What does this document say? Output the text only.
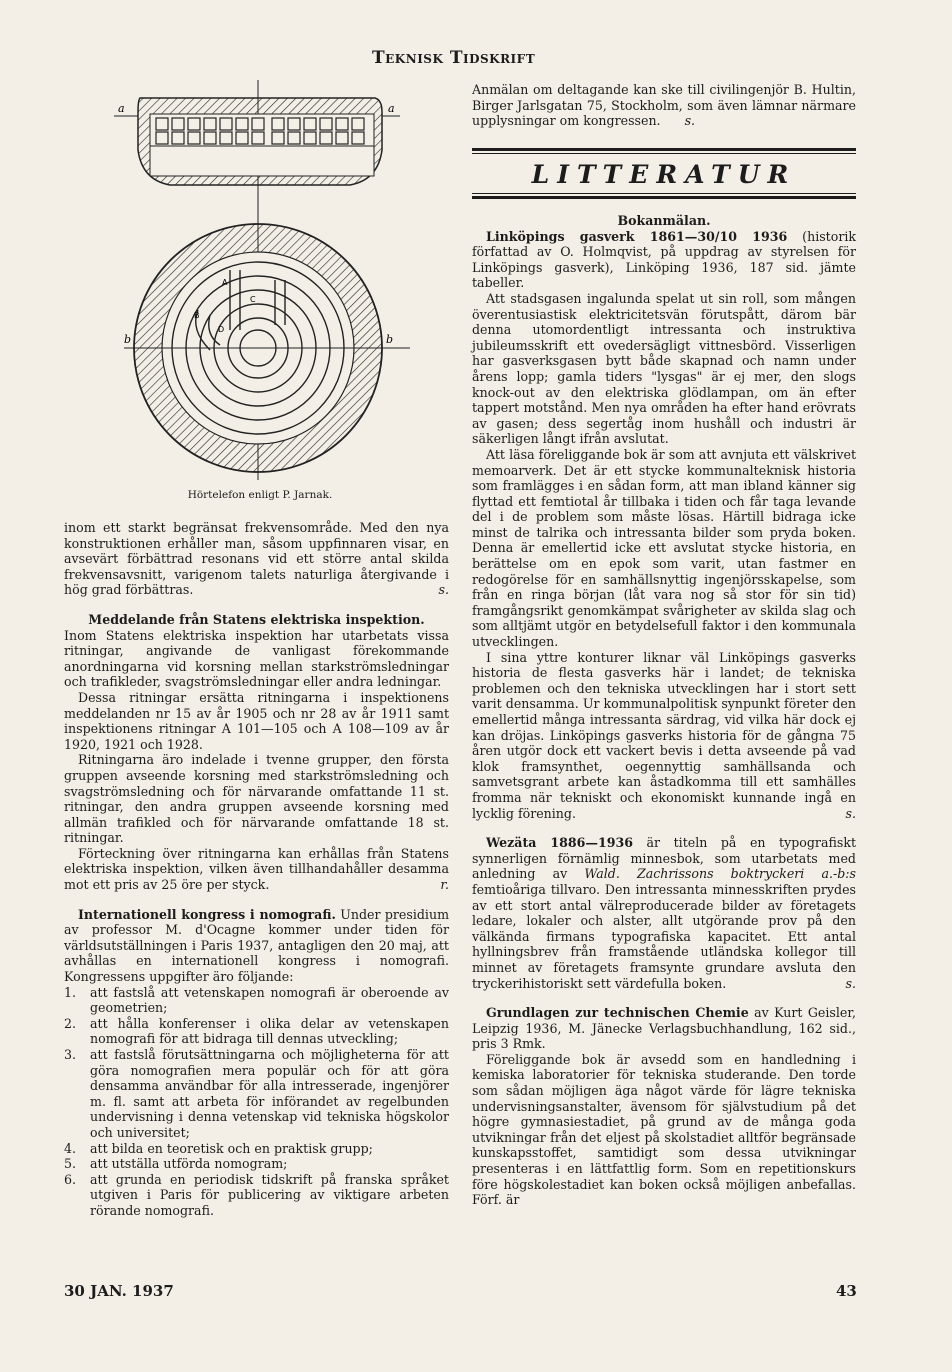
Teknisk Tidskrift
a	a
b	b
A
B
C
D
Hörtelefon enligt P. Jarnak.

inom ett starkt begränsat frekvensområde. Med den nya konstruktionen erhåller man, såsom uppfinnaren visar, en avsevärt förbättrad resonans vid ett större antal skilda frekvensavsnitt, varigenom talets naturliga återgivande i hög grad förbättras.	s.

Meddelande från Statens elektriska inspektion.
Inom Statens elektriska inspektion har utarbetats vissa ritningar, angivande de vanligast förekommande anordningarna vid korsning mellan starkströmsledningar och trafikleder, svagströmsledningar eller andra ledningar.

Dessa ritningar ersätta ritningarna i inspektionens meddelanden nr 15 av år 1905 och nr 28 av år 1911 samt inspektionens ritningar A 101—105 och A 108—109 av år 1920, 1921 och 1928.

Ritningarna äro indelade i tvenne grupper, den första gruppen avseende korsning med starkströmsledning och svagströmsledning och för närvarande omfattande 11 st. ritningar, den andra gruppen avseende korsning med allmän trafikled och för närvarande omfattande 18 st. ritningar.

Förteckning över ritningarna kan erhållas från Statens elektriska inspektion, vilken även tillhandahåller desamma mot ett pris av 25 öre per styck.	r.

Internationell kongress i nomografi. Under presidium av professor M. d'Ocagne kommer under tiden för världsutställningen i Paris 1937, antagligen den 20 maj, att avhållas en internationell kongress i nomografi. Kongressens uppgifter äro följande:

1. att fastslå att vetenskapen nomografi är oberoende av geometrien;
2. att hålla konferenser i olika delar av vetenskapen nomografi för att bidraga till dennas utveckling;
3. att fastslå förutsättningarna och möjligheterna för att göra nomografien mera populär och för att göra densamma användbar för alla intresserade, ingenjörer m. fl. samt att arbeta för införandet av regelbunden undervisning i denna vetenskap vid tekniska högskolor och universitet;
4. att bilda en teoretisk och en praktisk grupp;
5. att utställa utförda nomogram;
6. att grunda en periodisk tidskrift på franska språket utgiven i Paris för publicering av viktigare arbeten rörande nomografi.
Anmälan om deltagande kan ske till civilingenjör B. Hultin, Birger Jarlsgatan 75, Stockholm, som även lämnar närmare upplysningar om kongressen. s.
LITTERATUR

Bokanmälan.

Linköpings gasverk 1861—30/10 1936 (historik författad av O. Holmqvist, på uppdrag av styrelsen för Linköpings gasverk), Linköping 1936, 187 sid. jämte tabeller.

Att stadsgasen ingalunda spelat ut sin roll, som mången överentusiastisk elektricitetsvän förutspått, därom bär denna utomordentligt intressanta och instruktiva jubileumsskrift ett ovedersägligt vittnesbörd. Visserligen har gasverksgasen bytt både skapnad och namn under årens lopp; gamla tiders "lysgas" är ej mer, den slogs knock-out av den elektriska glödlampan, om än efter tappert motstånd. Men nya områden ha efter hand erövrats av gasen; dess segertåg inom hushåll och industri är säkerligen långt ifrån avslutat.

Att läsa föreliggande bok är som att avnjuta ett välskrivet memoarverk. Det är ett stycke kommunalteknisk historia som framlägges i en sådan form, att man ibland känner sig flyttad ett femtiotal år tillbaka i tiden och får taga levande del i de problem som måste lösas. Härtill bidraga icke minst de talrika och intressanta bilder som pryda boken. Denna är emellertid icke ett avslutat stycke historia, en berättelse om en epok som varit, utan fastmer en redogörelse för en samhällsnyttig ingenjörsskapelse, som från en ringa början (låt vara nog så stor för sin tid) framgångsrikt genomkämpat svårigheter av skilda slag och som alltjämt utgör en betydelsefull faktor i den kommunala utvecklingen.

I sina yttre konturer liknar väl Linköpings gasverks historia de flesta gasverks här i landet; de tekniska problemen och den tekniska utvecklingen har i stort sett varit densamma. Ur kommunalpolitisk synpunkt företer den emellertid många intressanta särdrag, vid vilka här dock ej kan dröjas. Linköpings gasverks historia för de gångna 75 åren utgör dock ett vackert bevis i detta avseende på vad klok framsynthet, oegennyttig samhällsanda och samvetsgrant arbete kan åstadkomma till ett samhälles fromma när tekniskt och ekonomiskt kunnande ingå en lycklig förening.	s.

Wezäta 1886—1936 är titeln på en typografiskt synnerligen förnämlig minnesbok, som utarbetats med anledning av Wald. Zachrissons boktryckeri a.-b:s femtioåriga tillvaro. Den intressanta minnesskriften prydes av ett stort antal välreproducerade bilder av företagets ledare, lokaler och alster, allt utgörande prov på den välkända firmans typografiska kapacitet. Ett antal hyllningsbrev från framstående utländska kollegor till minnet av företagets framsynte grundare avsluta den tryckerihistoriskt sett värdefulla boken.	s.

Grundlagen zur technischen Chemie av Kurt Geisler, Leipzig 1936, M. Jänecke Verlagsbuchhandlung, 162 sid., pris 3 Rmk.

Föreliggande bok är avsedd som en handledning i kemiska laboratorier för tekniska studerande. Den torde som sådan möjligen äga något värde för lägre tekniska undervisningsanstalter, ävensom för självstudium på det högre gymnasiestadiet, på grund av de många goda utvikningar från det eljest på skolstadiet alltför begränsade kunskapsstoffet, samtidigt som dessa utvikningar presenteras i en lättfattlig form. Som en repetitionskurs före högskolestadiet kan boken också möjligen anbefallas. Förf. är

30 JAN. 1937	43
